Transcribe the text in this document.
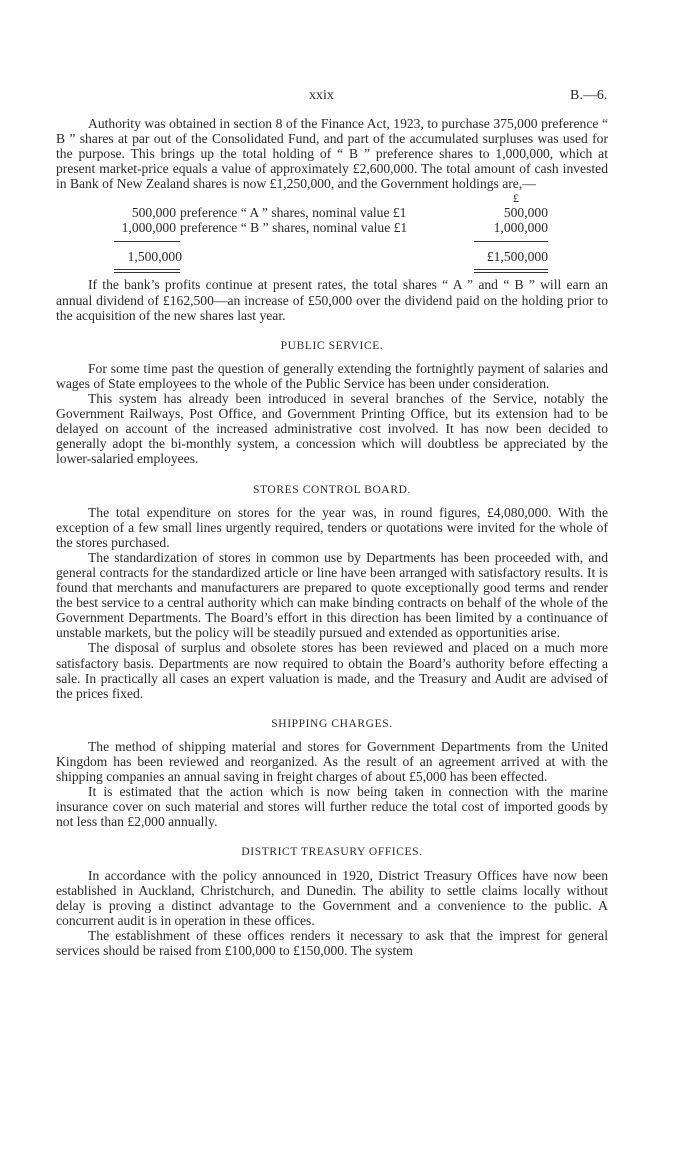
xxix	B.—6.

Authority was obtained in section 8 of the Finance Act, 1923, to purchase 375,000 preference “ B ” shares at par out of the Consolidated Fund, and part of the accumulated surpluses was used for the purpose. This brings up the total holding of “ B ” preference shares to 1,000,000, which at present market-price equals a value of approximately £2,600,000. The total amount of cash invested in Bank of New Zealand shares is now £1,250,000, and the Government holdings are,—

£
500,000 preference “ A ” shares, nominal value £1	500,000
1,000,000 preference “ B ” shares, nominal value £1	1,000,000
1,500,000	£1,500,000

If the bank’s profits continue at present rates, the total shares “ A ” and “ B ” will earn an annual dividend of £162,500—an increase of £50,000 over the dividend paid on the holding prior to the acquisition of the new shares last year.

PUBLIC SERVICE.

For some time past the question of generally extending the fortnightly payment of salaries and wages of State employees to the whole of the Public Service has been under consideration.

This system has already been introduced in several branches of the Service, notably the Government Railways, Post Office, and Government Printing Office, but its extension had to be delayed on account of the increased administrative cost involved. It has now been decided to generally adopt the bi-monthly system, a concession which will doubtless be appreciated by the lower-salaried employees.

STORES CONTROL BOARD.

The total expenditure on stores for the year was, in round figures, £4,080,000. With the exception of a few small lines urgently required, tenders or quotations were invited for the whole of the stores purchased.

The standardization of stores in common use by Departments has been proceeded with, and general contracts for the standardized article or line have been arranged with satisfactory results. It is found that merchants and manufacturers are prepared to quote exceptionally good terms and render the best service to a central authority which can make binding contracts on behalf of the whole of the Government Departments. The Board’s effort in this direction has been limited by a continuance of unstable markets, but the policy will be steadily pursued and extended as opportunities arise.

The disposal of surplus and obsolete stores has been reviewed and placed on a much more satisfactory basis. Departments are now required to obtain the Board’s authority before effecting a sale. In practically all cases an expert valuation is made, and the Treasury and Audit are advised of the prices fixed.

SHIPPING CHARGES.

The method of shipping material and stores for Government Departments from the United Kingdom has been reviewed and reorganized. As the result of an agreement arrived at with the shipping companies an annual saving in freight charges of about £5,000 has been effected.

It is estimated that the action which is now being taken in connection with the marine insurance cover on such material and stores will further reduce the total cost of imported goods by not less than £2,000 annually.

DISTRICT TREASURY OFFICES.

In accordance with the policy announced in 1920, District Treasury Offices have now been established in Auckland, Christchurch, and Dunedin. The ability to settle claims locally without delay is proving a distinct advantage to the Government and a convenience to the public. A concurrent audit is in operation in these offices.

The establishment of these offices renders it necessary to ask that the imprest for general services should be raised from £100,000 to £150,000. The system
